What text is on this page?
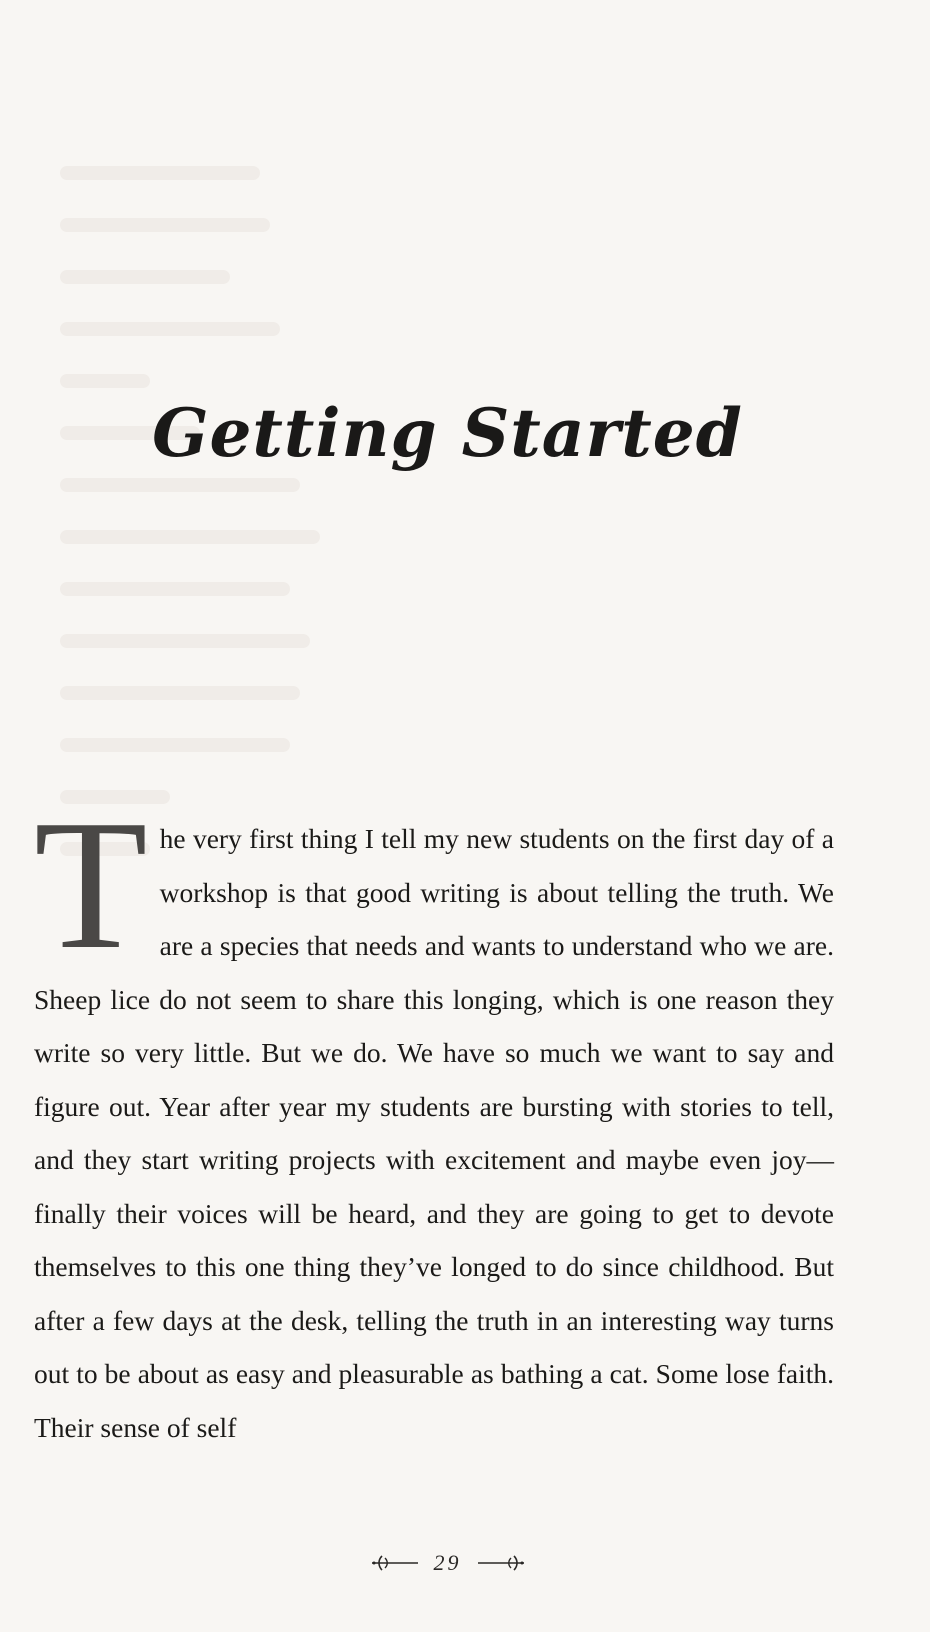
Getting Started

The very first thing I tell my new students on the first day of a workshop is that good writing is about telling the truth. We are a species that needs and wants to understand who we are. Sheep lice do not seem to share this longing, which is one reason they write so very little. But we do. We have so much we want to say and figure out. Year after year my students are bursting with stories to tell, and they start writing projects with excitement and maybe even joy—finally their voices will be heard, and they are going to get to devote themselves to this one thing they’ve longed to do since childhood. But after a few days at the desk, telling the truth in an interesting way turns out to be about as easy and pleasurable as bathing a cat. Some lose faith. Their sense of self

29
